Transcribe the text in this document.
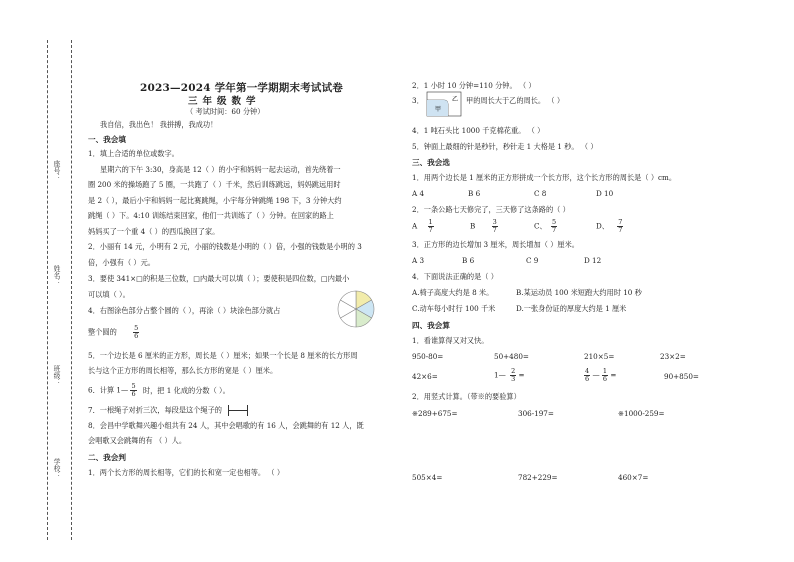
座号：
姓名：
班级：
学校：
2023—2024 学年第一学期期末考试试卷
三年级数学
（ 考试时间：60 分钟）
我自信，我出色！ 我拼搏，我成功！
一、我会填
1．填上合适的单位或数字。
星期六的下午 3:30，身高是 12（ ）的小宇和妈妈一起去运动，首先绕着一
圈 200 米的操场跑了 5 圈，一共跑了（ ）千米，然后训练跳远，妈妈跳远用时
是 2（ ），最后小宇和妈妈一起比赛跳绳，小宇每分钟跳绳 198 下，3 分钟大约
跳绳（ ）下。4:10 训练结束回家，他们一共训练了（ ）分钟。在回家的路上
妈妈买了一个重 4（ ）的西瓜换回了家。
2．小丽有 14 元，小明有 2 元，小丽的钱数是小明的（ ）倍，小强的钱数是小明的 3
倍，小强有（ ）元。
3．要使 341×□的积是三位数，□内最大可以填（ ）；要使积是四位数，□内最小
可以填（ ）。
4．右图涂色部分占整个圆的（ ），再涂（ ）块涂色部分就占
整个圆的	$\frac{5}{6}$
5．一个边长是 6 厘米的正方形，周长是（ ）厘米；如果一个长是 8 厘米的长方形周
长与这个正方形的周长相等，那么长方形的宽是（ ）厘米。
6．计算 1— $\frac{5}{6}$ 时，把 1 化成的分数（ ）。
7．一根绳子对折三次，每段是这个绳子的
8．会昌中学歌舞兴趣小组共有 24 人，其中会唱歌的有 16 人，会跳舞的有 12 人，既
会唱歌又会跳舞的有 （ ）人。
二、我会判
1．两个长方形的周长相等，它们的长和宽一定也相等。 （ ）
2．1 小时 10 分钟=110 分钟。 （ ）
3．
甲
乙 甲的周长大于乙的周长。 （ ）
4．1 吨石头比 1000 千克棉花重。 （ ）
5．钟面上最细的针是秒针，秒针走 1 大格是 1 秒。 （ ）
三、我会选
1．用两个边长是 1 厘米的正方形拼成一个长方形，这个长方形的周长是（ ）cm。
A 4	B 6	C 8	D 10
2．一条公路七天修完了，三天修了这条路的（ ）
A $\frac{1}{7}$	B	$\frac{3}{7}$	C、 $\frac{5}{7}$	D、 $\frac{7}{7}$
3．正方形的边长增加 3 厘米，周长增加（ ）厘米。
A 3	B 6	C 9	D 12
4．下面说法正确的是（ ）
A.椅子高度大约是 8 米。	B.某运动员 100 米短跑大约用时 10 秒
C.动车每小时行 100 千米	D.一张身份证的厚度大约是 1 厘米
四、我会算
1．看谁算得又对又快。
950-80=	50+480=	210×5=	23×2=
42×6=	1— $\frac{2}{3}$ =	$\frac{4}{6}$ — $\frac{1}{6}$ =	90+850=
2．用竖式计算。（带※的要验算）
※289+675=	306-197=	※1000-259=
505×4=	782+229=	460×7=
